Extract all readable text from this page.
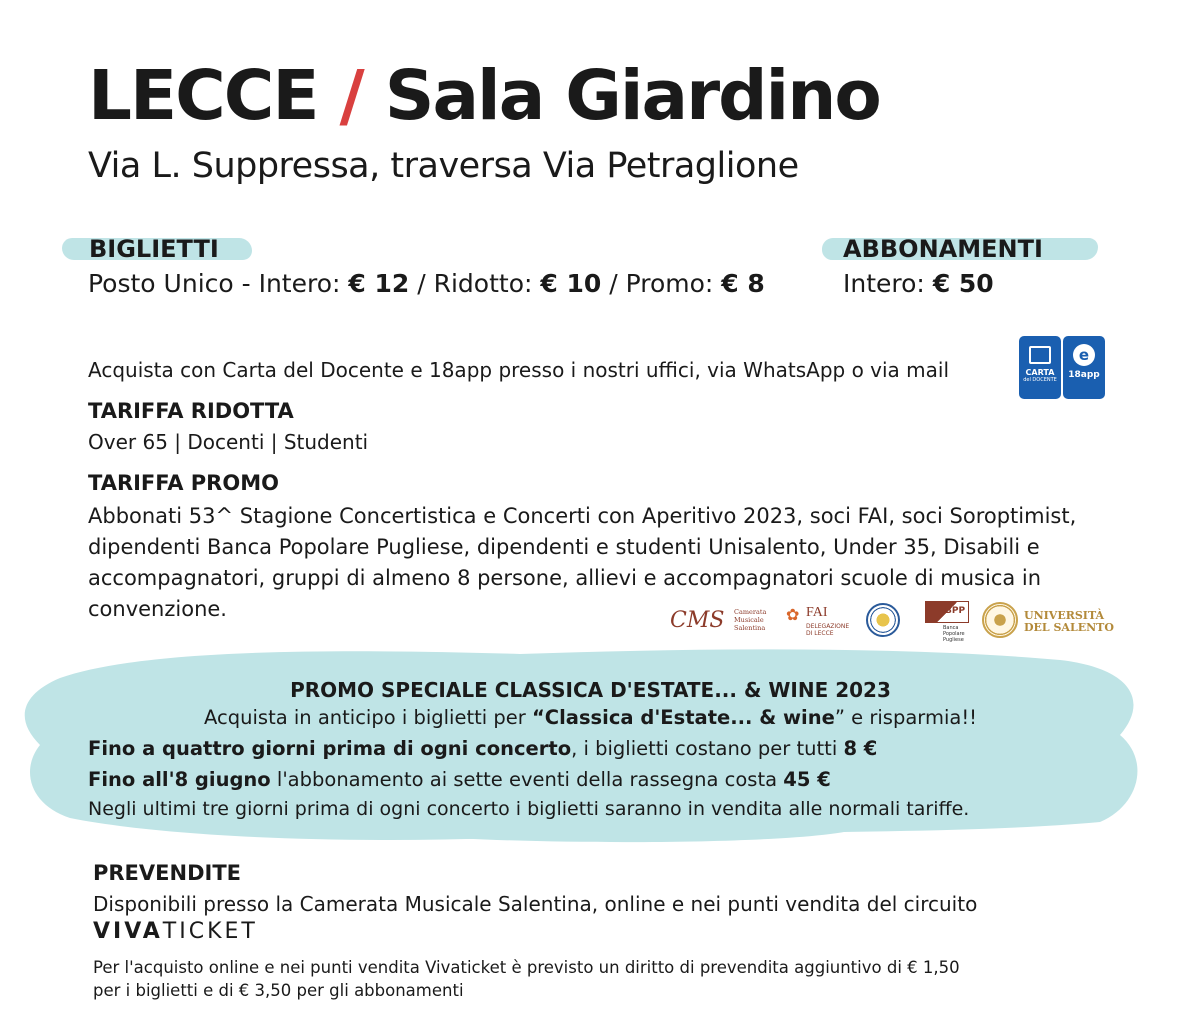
LECCE / Sala Giardino
Via L. Suppressa, traversa Via Petraglione
BIGLIETTI
Posto Unico - Intero: € 12 / Ridotto: € 10 / Promo: € 8
ABBONAMENTI
Intero: € 50
Acquista con Carta del Docente e 18app presso i nostri uffici, via WhatsApp o via mail	CARTA
del DOCENTE
e
18app
TARIFFA RIDOTTA
Over 65 | Docenti | Studenti
TARIFFA PROMO
Abbonati 53^ Stagione Concertistica e Concerti con Aperitivo 2023, soci FAI, soci Soroptimist, dipendenti Banca Popolare Pugliese, dipendenti e studenti Unisalento, Under 35, Disabili e accompagnatori, gruppi di almeno 8 persone, allievi e accompagnatori scuole di musica in convenzione.	CMS Camerata
Musicale
Salentina
✿ FAI
DELEGAZIONE
DI LECCE
BPP
Banca
Popolare
Pugliese
UNIVERSITÀ
DEL SALENTO
PROMO SPECIALE CLASSICA D'ESTATE... & WINE 2023
Acquista in anticipo i biglietti per “Classica d'Estate... & wine” e risparmia!!
Fino a quattro giorni prima di ogni concerto, i biglietti costano per tutti 8 €
Fino all'8 giugno l'abbonamento ai sette eventi della rassegna costa 45 €
Negli ultimi tre giorni prima di ogni concerto i biglietti saranno in vendita alle normali tariffe.
PREVENDITE
Disponibili presso la Camerata Musicale Salentina, online e nei punti vendita del circuito
VIVATICKET
Per l'acquisto online e nei punti vendita Vivaticket è previsto un diritto di prevendita aggiuntivo di € 1,50
per i biglietti e di € 3,50 per gli abbonamenti
